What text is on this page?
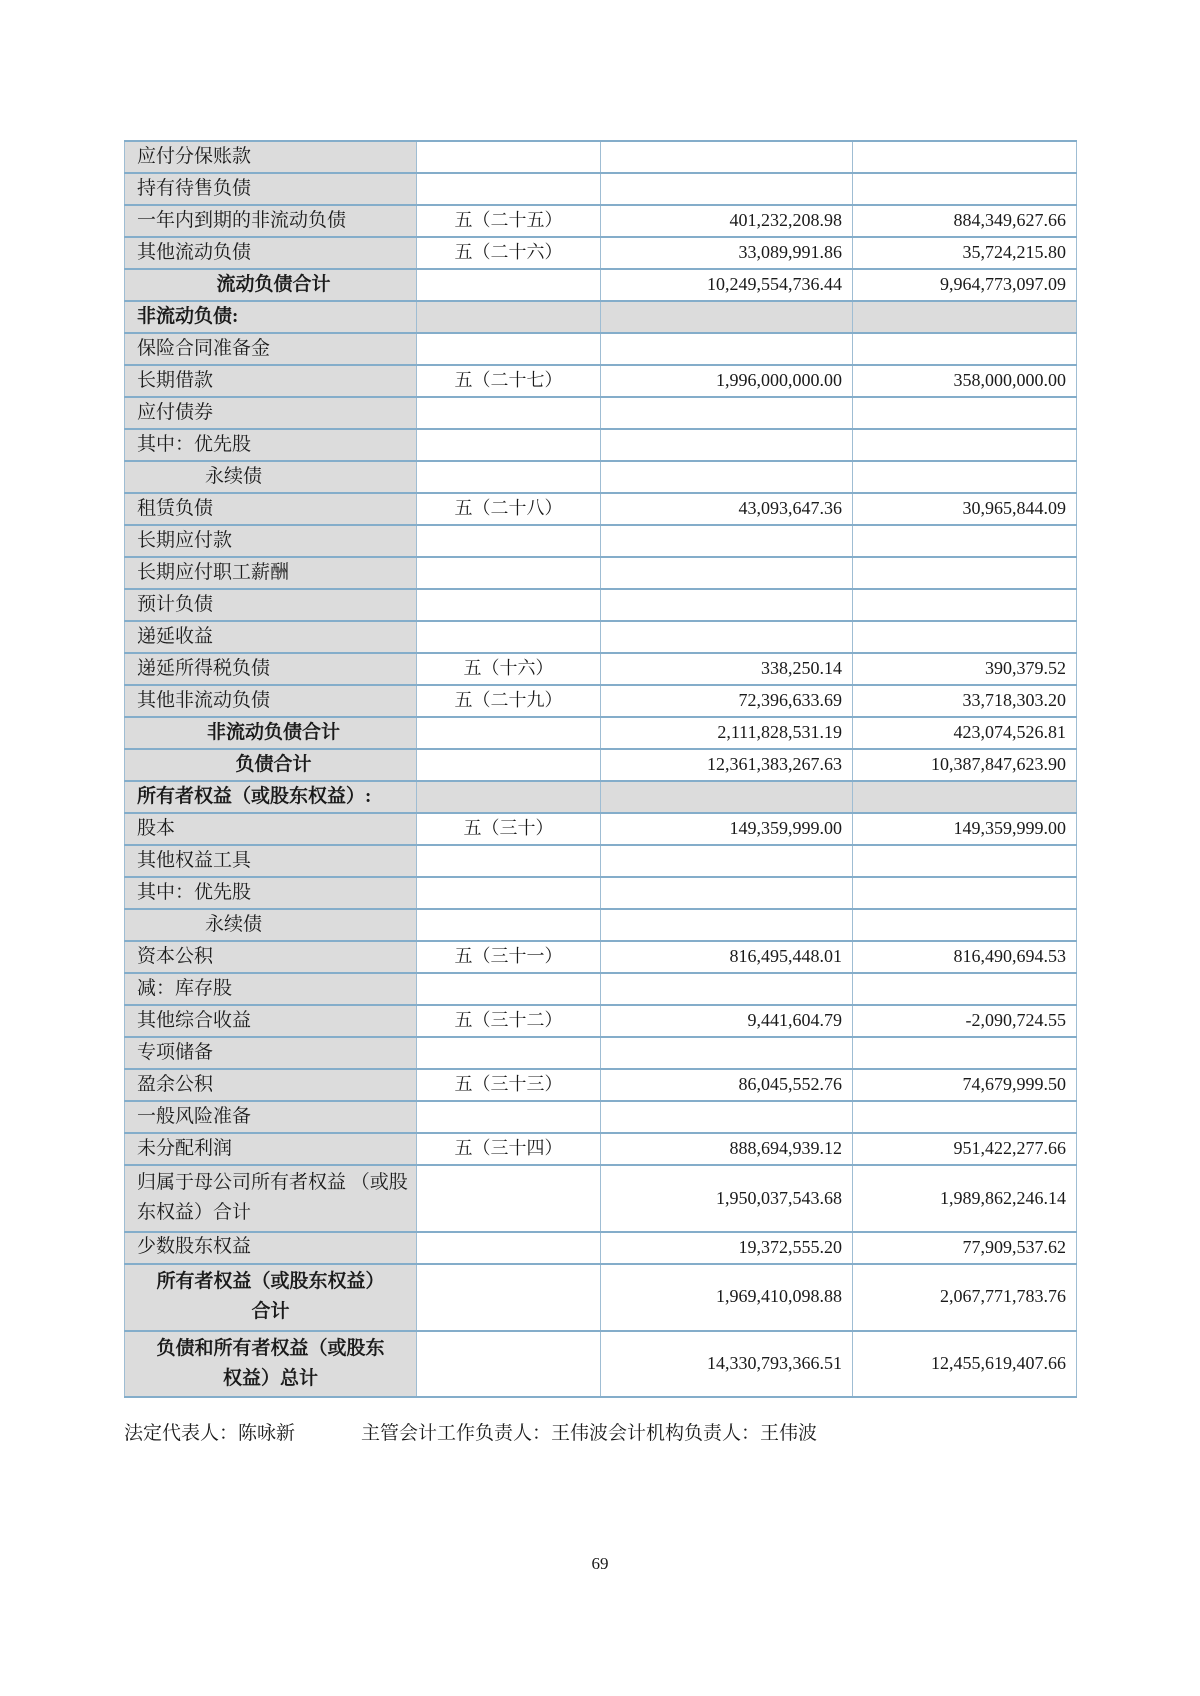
应付分保账款			
持有待售负债			
一年内到期的非流动负债	五（二十五）	401,232,208.98	884,349,627.66
其他流动负债	五（二十六）	33,089,991.86	35,724,215.80
流动负债合计		10,249,554,736.44	9,964,773,097.09
非流动负债:			
保险合同准备金			
长期借款	五（二十七）	1,996,000,000.00	358,000,000.00
应付债券			
其中：优先股			
永续债			
租赁负债	五（二十八）	43,093,647.36	30,965,844.09
长期应付款			
长期应付职工薪酬			
预计负债			
递延收益			
递延所得税负债	五（十六）	338,250.14	390,379.52
其他非流动负债	五（二十九）	72,396,633.69	33,718,303.20
非流动负债合计		2,111,828,531.19	423,074,526.81
负债合计		12,361,383,267.63	10,387,847,623.90
所有者权益（或股东权益）:			
股本	五（三十）	149,359,999.00	149,359,999.00
其他权益工具			
其中：优先股			
永续债			
资本公积	五（三十一）	816,495,448.01	816,490,694.53
减：库存股			
其他综合收益	五（三十二）	9,441,604.79	-2,090,724.55
专项储备			
盈余公积	五（三十三）	86,045,552.76	74,679,999.50
一般风险准备			
未分配利润	五（三十四）	888,694,939.12	951,422,277.66
归属于母公司所有者权益 （或股东权益）合计		1,950,037,543.68	1,989,862,246.14
少数股东权益		19,372,555.20	77,909,537.62
所有者权益（或股东权益） 合计		1,969,410,098.88	2,067,771,783.76
负债和所有者权益（或股东 权益）总计		14,330,793,366.51	12,455,619,407.66
法定代表人：陈咏新	主管会计工作负责人：王伟波会计机构负责人：王伟波
69
